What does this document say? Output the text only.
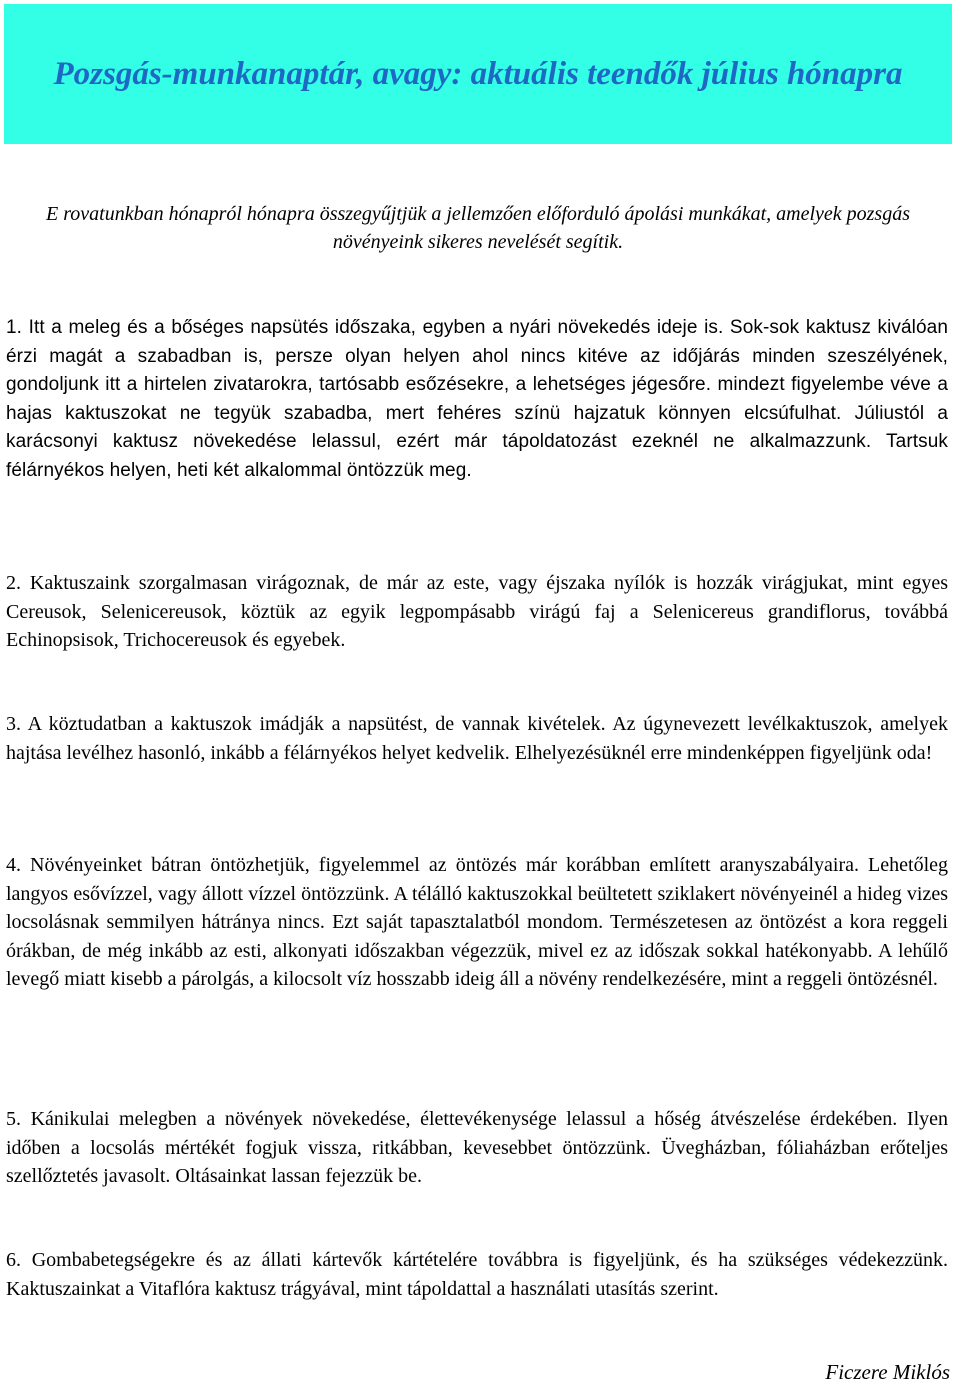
Pozsgás-munkanaptár, avagy: aktuális teendők július hónapra

E rovatunkban hónapról hónapra összegyűjtjük a jellemzően előforduló ápolási munkákat, amelyek pozsgás növényeink sikeres nevelését segítik.

1. Itt a meleg és a bőséges napsütés időszaka, egyben a nyári növekedés ideje is. Sok-sok kaktusz kiválóan érzi magát a szabadban is, persze olyan helyen ahol nincs kitéve az időjárás minden szeszélyének, gondoljunk itt a hirtelen zivatarokra, tartósabb esőzésekre, a lehetséges jégesőre. mindezt figyelembe véve a hajas kaktuszokat ne tegyük szabadba, mert fehéres színü hajzatuk könnyen elcsúfulhat. Júliustól a karácsonyi kaktusz növekedése lelassul, ezért már tápoldatozást ezeknél ne alkalmazzunk. Tartsuk félárnyékos helyen, heti két alkalommal öntözzük meg.

2. Kaktuszaink szorgalmasan virágoznak, de már az este, vagy éjszaka nyílók is hozzák virágjukat, mint egyes Cereusok, Selenicereusok, köztük az egyik legpompásabb virágú faj a Selenicereus grandiflorus, továbbá Echinopsisok, Trichocereusok és egyebek.

3. A köztudatban a kaktuszok imádják a napsütést, de vannak kivételek. Az úgynevezett levélkaktuszok, amelyek hajtása levélhez hasonló, inkább a félárnyékos helyet kedvelik. Elhelyezésüknél erre mindenképpen figyeljünk oda!

4. Növényeinket bátran öntözhetjük, figyelemmel az öntözés már korábban említett aranyszabályaira. Lehetőleg langyos esővízzel, vagy állott vízzel öntözzünk. A télálló kaktuszokkal beültetett sziklakert növényeinél a hideg vizes locsolásnak semmilyen hátránya nincs. Ezt saját tapasztalatból mondom. Természetesen az öntözést a kora reggeli órákban, de még inkább az esti, alkonyati időszakban végezzük, mivel ez az időszak sokkal hatékonyabb. A lehűlő levegő miatt kisebb a párolgás, a kilocsolt víz hosszabb ideig áll a növény rendelkezésére, mint a reggeli öntözésnél.

5. Kánikulai melegben a növények növekedése, élettevékenysége lelassul a hőség átvészelése érdekében. Ilyen időben a locsolás mértékét fogjuk vissza, ritkábban, kevesebbet öntözzünk. Üvegházban, fóliaházban erőteljes szellőztetés javasolt. Oltásainkat lassan fejezzük be.

6. Gombabetegségekre és az állati kártevők kártételére továbbra is figyeljünk, és ha szükséges védekezzünk. Kaktuszainkat a Vitaflóra kaktusz trágyával, mint tápoldattal a használati utasítás szerint.

Ficzere Miklós
